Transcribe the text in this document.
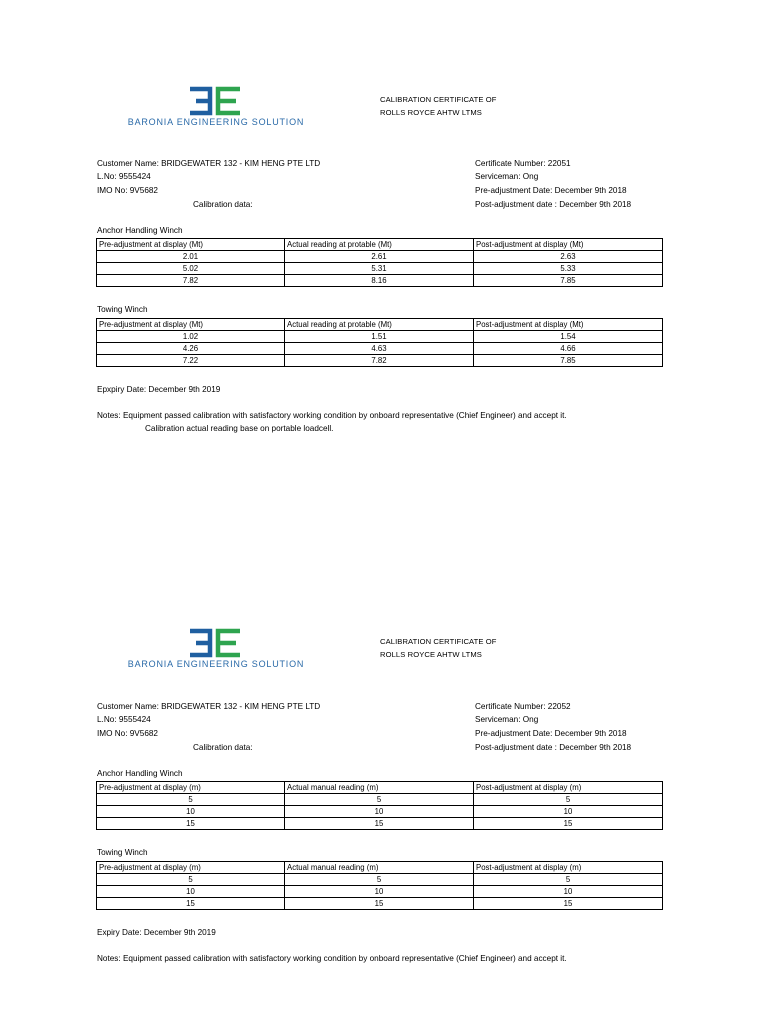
BARONIA ENGINEERING SOLUTION
CALIBRATION CERTIFICATE OF
ROLLS ROYCE AHTW LTMS
Customer Name: BRIDGEWATER 132 - KIM HENG PTE LTD
L.No: 9555424
IMO No: 9V5682
Calibration data:
Certificate Number: 22051
Serviceman: Ong
Pre-adjustment Date: December 9th 2018
Post-adjustment date : December 9th 2018
Anchor Handling Winch
Pre-adjustment at display (Mt)	Actual reading at protable (Mt)	Post-adjustment at display (Mt)
2.01	2.61	2.63
5.02	5.31	5.33
7.82	8.16	7.85
Towing Winch
Pre-adjustment at display (Mt)	Actual reading at protable (Mt)	Post-adjustment at display (Mt)
1.02	1.51	1.54
4.26	4.63	4.66
7.22	7.82	7.85
Epxpiry Date: December 9th 2019
Notes: Equipment passed calibration with satisfactory working condition by onboard representative (Chief Engineer) and accept it.
Calibration actual reading base on portable loadcell.
BARONIA ENGINEERING SOLUTION
CALIBRATION CERTIFICATE OF
ROLLS ROYCE AHTW LTMS
Customer Name: BRIDGEWATER 132 - KIM HENG PTE LTD
L.No: 9555424
IMO No: 9V5682
Calibration data:
Certificate Number: 22052
Serviceman: Ong
Pre-adjustment Date: December 9th 2018
Post-adjustment date : December 9th 2018
Anchor Handling Winch
Pre-adjustment at display (m)	Actual manual reading (m)	Post-adjustment at display (m)
5	5	5
10	10	10
15	15	15
Towing Winch
Pre-adjustment at display (m)	Actual manual reading (m)	Post-adjustment at display (m)
5	5	5
10	10	10
15	15	15
Expiry Date: December 9th 2019
Notes: Equipment passed calibration with satisfactory working condition by onboard representative (Chief Engineer) and accept it.
